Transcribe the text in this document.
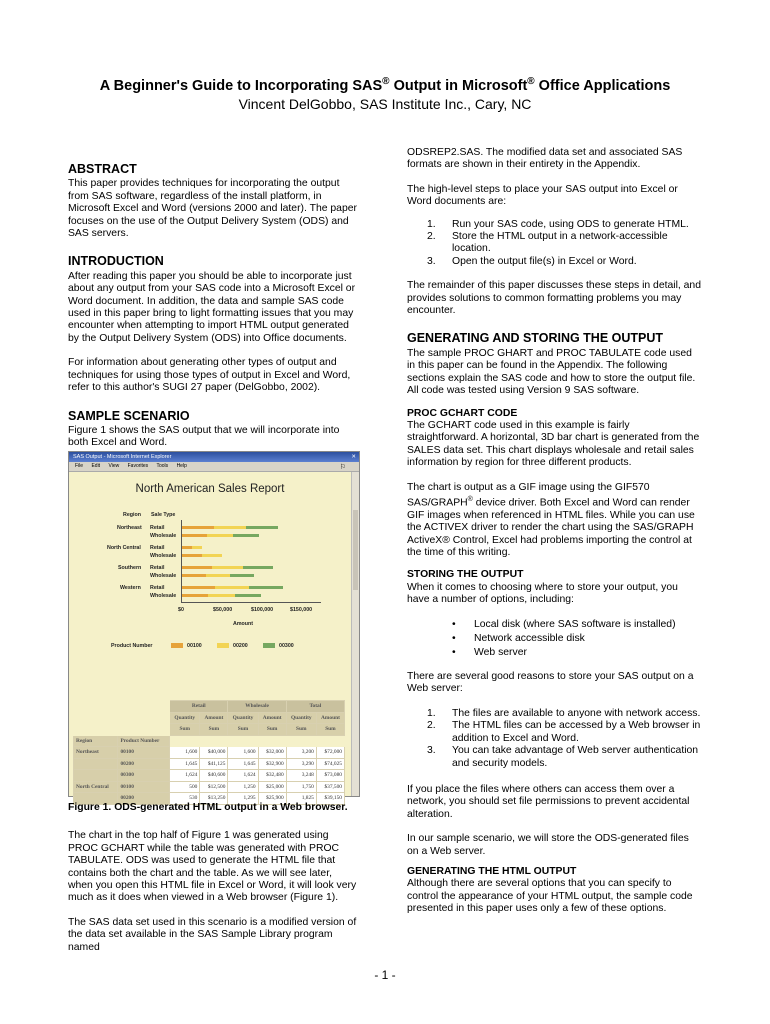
A Beginner's Guide to Incorporating SAS® Output in Microsoft® Office Applications
Vincent DelGobbo, SAS Institute Inc., Cary, NC
ABSTRACT

This paper provides techniques for incorporating the output from SAS software, regardless of the install platform, in Microsoft Excel and Word (versions 2000 and later). The paper focuses on the use of the Output Delivery System (ODS) and SAS servers.

INTRODUCTION

After reading this paper you should be able to incorporate just about any output from your SAS code into a Microsoft Excel or Word document. In addition, the data and sample SAS code used in this paper bring to light formatting issues that you may encounter when attempting to import HTML output generated by the Output Delivery System (ODS) into Office documents.

For information about generating other types of output and techniques for using those types of output in Excel and Word, refer to this author's SUGI 27 paper (DelGobbo, 2002).

SAMPLE SCENARIO

Figure 1 shows the SAS output that we will incorporate into both Excel and Word.

SAS Output - Microsoft Internet Explorer	✕
File Edit View Favorites Tools Help	⚐
North American Sales Report
Region Sale Type
Northeast Retail
Wholesale
North Central Retail
Wholesale
Southern Retail
Wholesale
Western Retail
Wholesale
$0	$50,000	$100,000	$150,000
Amount
Product Number	00100	00200	00300
		Retail		Wholesale		Total	
		Quantity	Amount	Quantity	Amount	Quantity	Amount
		Sum	Sum	Sum	Sum	Sum	Sum
Region	Product Number						
Northeast	00100	1,600	$40,000	1,600	$32,000	3,200	$72,000
	00200	1,645	$41,125	1,645	$32,900	3,290	$74,025
	00300	1,624	$40,600	1,624	$32,480	3,248	$73,080
North Central	00100	500	$12,500	1,250	$25,000	1,750	$37,500
	00200	530	$13,250	1,295	$25,900	1,825	$39,150
Figure 1. ODS-generated HTML output in a Web browser.

The chart in the top half of Figure 1 was generated using PROC GCHART while the table was generated with PROC TABULATE. ODS was used to generate the HTML file that contains both the chart and the table. As we will see later, when you open this HTML file in Excel or Word, it will look very much as it does when viewed in a Web browser (Figure 1).

The SAS data set used in this scenario is a modified version of the data set available in the SAS Sample Library program named

ODSREP2.SAS. The modified data set and associated SAS formats are shown in their entirety in the Appendix.

The high-level steps to place your SAS output into Excel or Word documents are:

1. Run your SAS code, using ODS to generate HTML.
2. Store the HTML output in a network-accessible location.
3. Open the output file(s) in Excel or Word.

The remainder of this paper discusses these steps in detail, and provides solutions to common formatting problems you may encounter.

GENERATING AND STORING THE OUTPUT

The sample PROC GHART and PROC TABULATE code used in this paper can be found in the Appendix. The following sections explain the SAS code and how to store the output file. All code was tested using Version 9 SAS software.

PROC GCHART CODE

The GCHART code used in this example is fairly straightforward. A horizontal, 3D bar chart is generated from the SALES data set. This chart displays wholesale and retail sales information by region for three different products.

The chart is output as a GIF image using the GIF570 SAS/GRAPH® device driver. Both Excel and Word can render GIF images when referenced in HTML files. While you can use the ACTIVEX driver to render the chart using the SAS/GRAPH ActiveX® Control, Excel had problems importing the control at the time of this writing.

STORING THE OUTPUT

When it comes to choosing where to store your output, you have a number of options, including:

• Local disk (where SAS software is installed)
• Network accessible disk
• Web server

There are several good reasons to store your SAS output on a Web server:

1. The files are available to anyone with network access.
2. The HTML files can be accessed by a Web browser in addition to Excel and Word.
3. You can take advantage of Web server authentication and security models.

If you place the files where others can access them over a network, you should set file permissions to prevent accidental alteration.

In our sample scenario, we will store the ODS-generated files on a Web server.

GENERATING THE HTML OUTPUT

Although there are several options that you can specify to control the appearance of your HTML output, the sample code presented in this paper uses only a few of these options.

- 1 -
